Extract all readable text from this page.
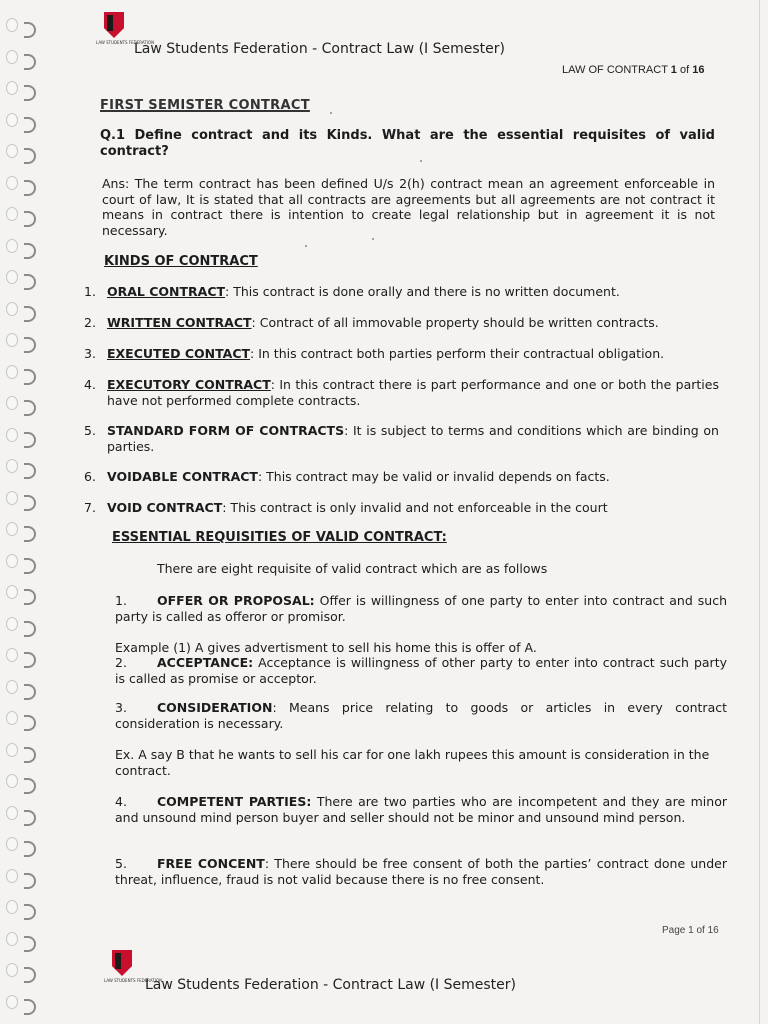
LAW STUDENTS FEDERATION
Law Students Federation - Contract Law (I Semester)
LAW OF CONTRACT 1 of 16
FIRST SEMISTER CONTRACT
Q.1 Define contract and its Kinds. What are the essential requisites of valid contract?
Ans: The term contract has been defined U/s 2(h) contract mean an agreement enforceable in court of law, It is stated that all contracts are agreements but all agreements are not contract it means in contract there is intention to create legal relationship but in agreement it is not necessary.
KINDS OF CONTRACT
1. ORAL CONTRACT: This contract is done orally and there is no written document.
2. WRITTEN CONTRACT: Contract of all immovable property should be written contracts.
3. EXECUTED CONTACT: In this contract both parties perform their contractual obligation.
4. EXECUTORY CONTRACT: In this contract there is part performance and one or both the parties have not performed complete contracts.
5. STANDARD FORM OF CONTRACTS: It is subject to terms and conditions which are binding on parties.
6. VOIDABLE CONTRACT: This contract may be valid or invalid depends on facts.
7. VOID CONTRACT: This contract is only invalid and not enforceable in the court
ESSENTIAL REQUISITIES OF VALID CONTRACT:
There are eight requisite of valid contract which are as follows
1. OFFER OR PROPOSAL: Offer is willingness of one party to enter into contract and such party is called as offeror or promisor.
Example (1) A gives advertisment to sell his home this is offer of A.
2. ACCEPTANCE: Acceptance is willingness of other party to enter into contract such party is called as promise or acceptor.
3. CONSIDERATION: Means price relating to goods or articles in every contract consideration is necessary.
Ex. A say B that he wants to sell his car for one lakh rupees this amount is consideration in the contract.
4. COMPETENT PARTIES: There are two parties who are incompetent and they are minor and unsound mind person buyer and seller should not be minor and unsound mind person.
5. FREE CONCENT: There should be free consent of both the parties’ contract done under threat, influence, fraud is not valid because there is no free consent.
Page 1 of 16
LAW STUDENTS FEDERATION
Law Students Federation - Contract Law (I Semester)
